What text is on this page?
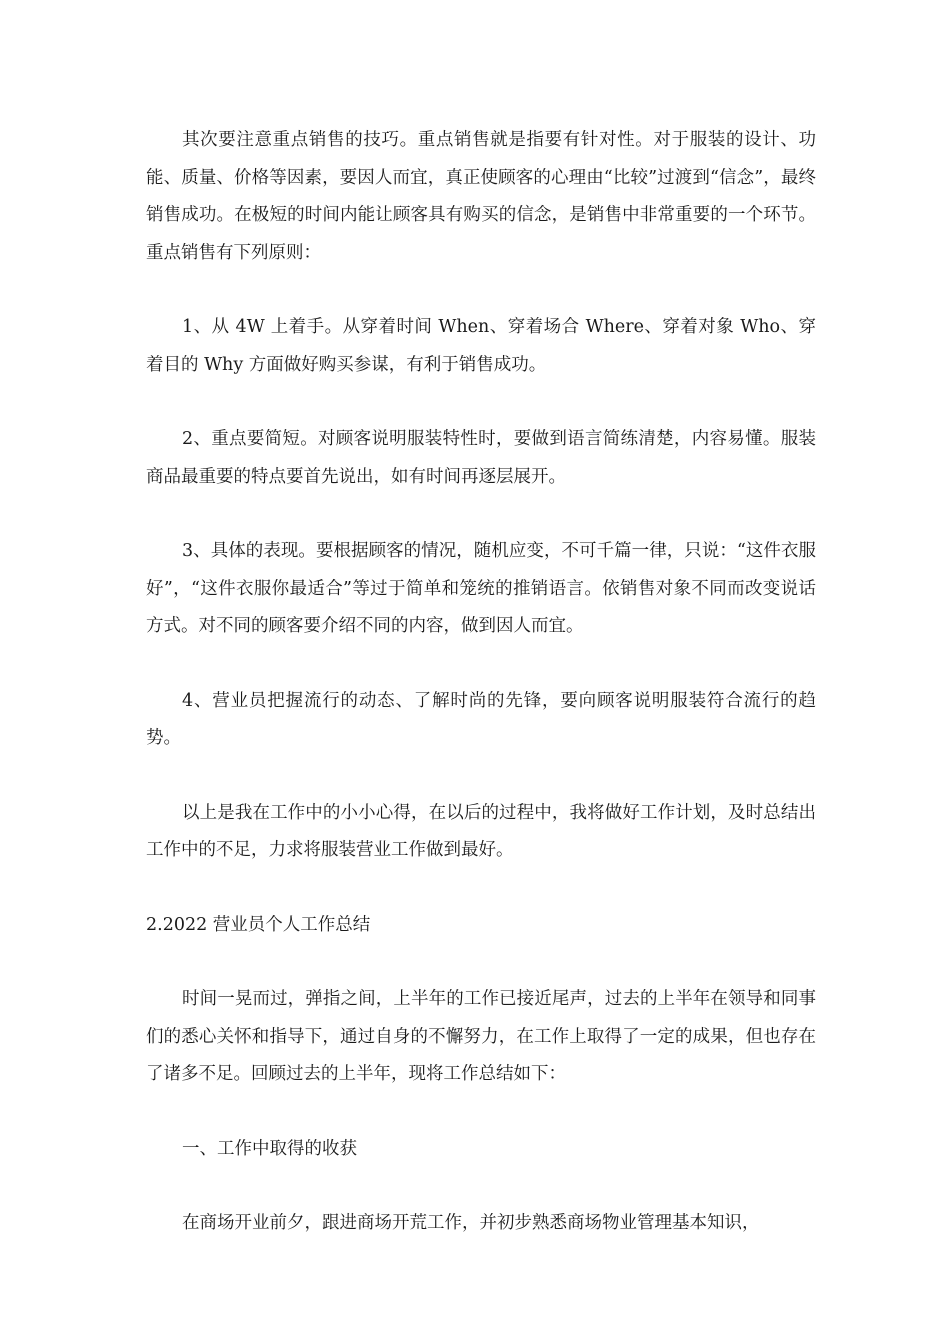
其次要注意重点销售的技巧。重点销售就是指要有针对性。对于服装的设计、功能、质量、价格等因素，要因人而宜，真正使顾客的心理由“比较”过渡到“信念”，最终销售成功。在极短的时间内能让顾客具有购买的信念，是销售中非常重要的一个环节。重点销售有下列原则：

1、从 4W 上着手。从穿着时间 When、穿着场合 Where、穿着对象 Who、穿着目的 Why 方面做好购买参谋，有利于销售成功。

2、重点要简短。对顾客说明服装特性时，要做到语言简练清楚，内容易懂。服装商品最重要的特点要首先说出，如有时间再逐层展开。

3、具体的表现。要根据顾客的情况，随机应变，不可千篇一律，只说：“这件衣服好”，“这件衣服你最适合”等过于简单和笼统的推销语言。依销售对象不同而改变说话方式。对不同的顾客要介绍不同的内容，做到因人而宜。

4、营业员把握流行的动态、了解时尚的先锋，要向顾客说明服装符合流行的趋势。

以上是我在工作中的小小心得，在以后的过程中，我将做好工作计划，及时总结出工作中的不足，力求将服装营业工作做到最好。

2.2022 营业员个人工作总结

时间一晃而过，弹指之间，上半年的工作已接近尾声，过去的上半年在领导和同事们的悉心关怀和指导下，通过自身的不懈努力，在工作上取得了一定的成果，但也存在了诸多不足。回顾过去的上半年，现将工作总结如下：

一、工作中取得的收获

在商场开业前夕，跟进商场开荒工作，并初步熟悉商场物业管理基本知识，
